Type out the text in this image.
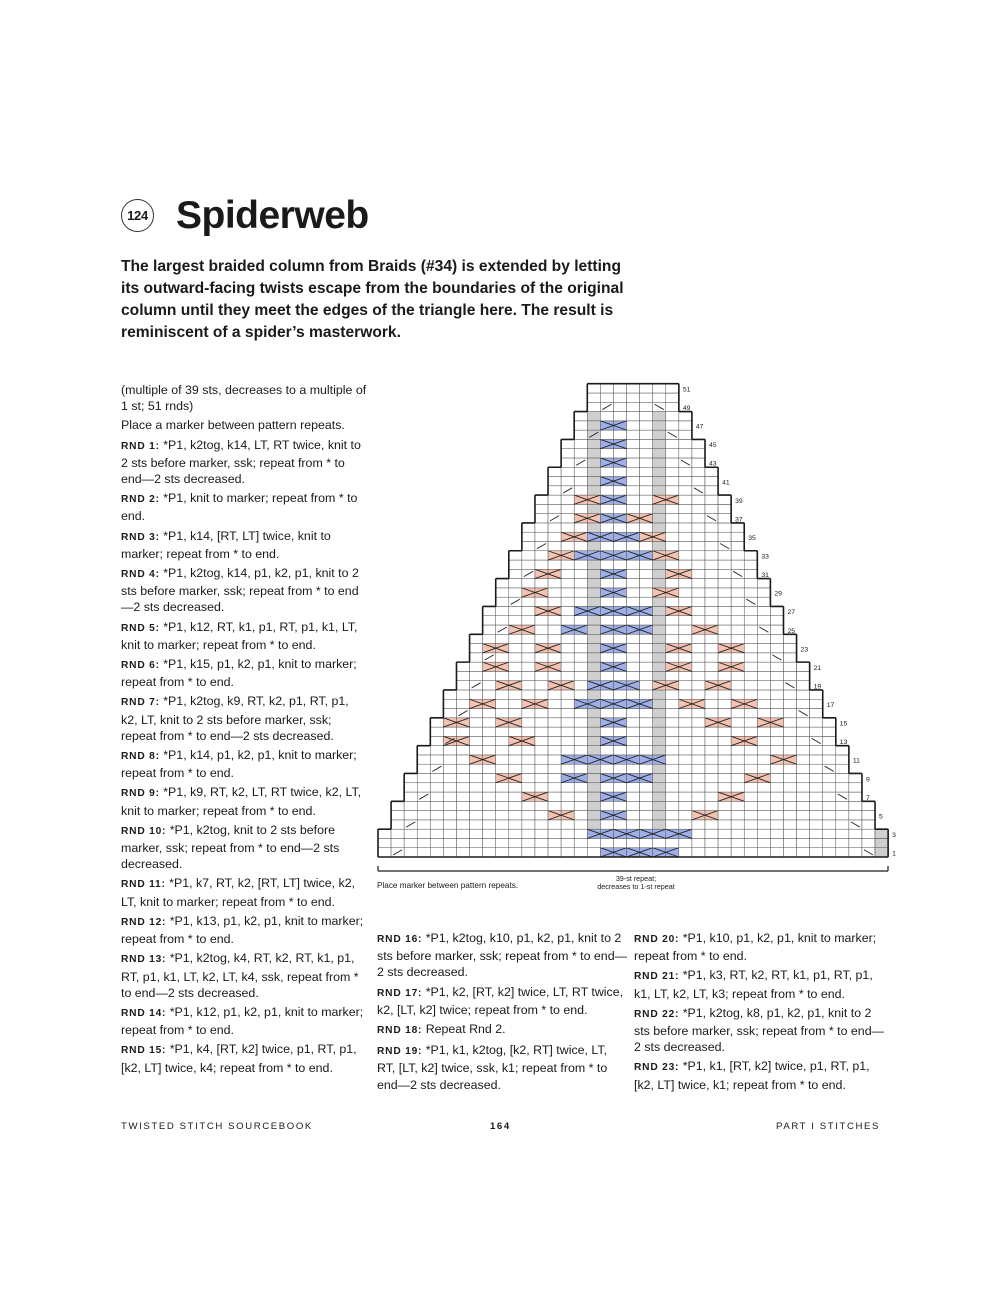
124 Spiderweb

The largest braided column from Braids (#34) is extended by letting its outward-facing twists escape from the boundaries of the original column until they meet the edges of the triangle here. The result is reminiscent of a spider’s masterwork.

(multiple of 39 sts, decreases to a multiple of 1 st; 51 rnds)

Place a marker between pattern repeats.

RND 1: *P1, k2tog, k14, LT, RT twice, knit to 2 sts before marker, ssk; repeat from * to end—2 sts decreased.

RND 2: *P1, knit to marker; repeat from * to end.

RND 3: *P1, k14, [RT, LT] twice, knit to marker; repeat from * to end.

RND 4: *P1, k2tog, k14, p1, k2, p1, knit to 2 sts before marker, ssk; repeat from * to end—2 sts decreased.

RND 5: *P1, k12, RT, k1, p1, RT, p1, k1, LT, knit to marker; repeat from * to end.

RND 6: *P1, k15, p1, k2, p1, knit to marker; repeat from * to end.

RND 7: *P1, k2tog, k9, RT, k2, p1, RT, p1, k2, LT, knit to 2 sts before marker, ssk; repeat from * to end—2 sts decreased.

RND 8: *P1, k14, p1, k2, p1, knit to marker; repeat from * to end.

RND 9: *P1, k9, RT, k2, LT, RT twice, k2, LT, knit to marker; repeat from * to end.

RND 10: *P1, k2tog, knit to 2 sts before marker, ssk; repeat from * to end—2 sts decreased.

RND 11: *P1, k7, RT, k2, [RT, LT] twice, k2, LT, knit to marker; repeat from * to end.

RND 12: *P1, k13, p1, k2, p1, knit to marker; repeat from * to end.

RND 13: *P1, k2tog, k4, RT, k2, RT, k1, p1, RT, p1, k1, LT, k2, LT, k4, ssk, repeat from * to end—2 sts decreased.

RND 14: *P1, k12, p1, k2, p1, knit to marker; repeat from * to end.

RND 15: *P1, k4, [RT, k2] twice, p1, RT, p1, [k2, LT] twice, k4; repeat from * to end.

RND 16: *P1, k2tog, k10, p1, k2, p1, knit to 2 sts before marker, ssk; repeat from * to end—2 sts decreased.

RND 17: *P1, k2, [RT, k2] twice, LT, RT twice, k2, [LT, k2] twice; repeat from * to end.

RND 18: Repeat Rnd 2.

RND 19: *P1, k1, k2tog, [k2, RT] twice, LT, RT, [LT, k2] twice, ssk, k1; repeat from * to end—2 sts decreased.

RND 20: *P1, k10, p1, k2, p1, knit to marker; repeat from * to end.

RND 21: *P1, k3, RT, k2, RT, k1, p1, RT, p1, k1, LT, k2, LT, k3; repeat from * to end.

RND 22: *P1, k2tog, k8, p1, k2, p1, knit to 2 sts before marker, ssk; repeat from * to end—2 sts decreased.

RND 23: *P1, k1, [RT, k2] twice, p1, RT, p1, [k2, LT] twice, k1; repeat from * to end.

1
3
5
7
9
11
13
15
17
19
21
23
25
27
29
31
33
35
37
39
41
43
45
47
49
51
Place marker between pattern repeats.
39-st repeat;
decreases to 1-st repeat
TWISTED STITCH SOURCEBOOK	164	PART I STITCHES
